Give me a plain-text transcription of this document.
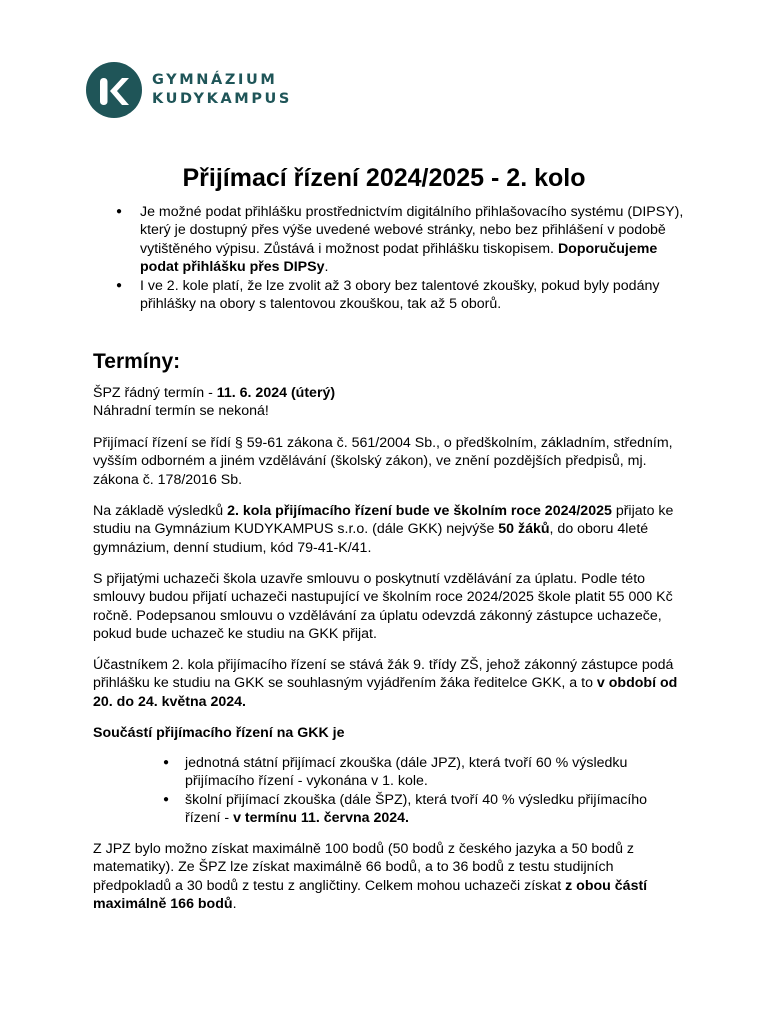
GYMNÁZIUM
KUDYKAMPUS
Přijímací řízení 2024/2025 - 2. kolo
● Je možné podat přihlášku prostřednictvím digitálního přihlašovacího systému (DIPSY), který je dostupný přes výše uvedené webové stránky, nebo bez přihlášení v podobě vytištěného výpisu. Zůstává i možnost podat přihlášku tiskopisem. Doporučujeme podat přihlášku přes DIPSy.
● I ve 2. kole platí, že lze zvolit až 3 obory bez talentové zkoušky, pokud byly podány přihlášky na obory s talentovou zkouškou, tak až 5 oborů.
Termíny:

ŠPZ řádný termín - 11. 6. 2024 (úterý)
Náhradní termín se nekoná!

Přijímací řízení se řídí § 59-61 zákona č. 561/2004 Sb., o předškolním, základním, středním, vyšším odborném a jiném vzdělávání (školský zákon), ve znění pozdějších předpisů, mj. zákona č. 178/2016 Sb.

Na základě výsledků 2. kola přijímacího řízení bude ve školním roce 2024/2025 přijato ke studiu na Gymnázium KUDYKAMPUS s.r.o. (dále GKK) nejvýše 50 žáků, do oboru 4leté gymnázium, denní studium, kód 79-41-K/41.

S přijatými uchazeči škola uzavře smlouvu o poskytnutí vzdělávání za úplatu. Podle této smlouvy budou přijatí uchazeči nastupující ve školním roce 2024/2025 škole platit 55 000 Kč ročně. Podepsanou smlouvu o vzdělávání za úplatu odevzdá zákonný zástupce uchazeče, pokud bude uchazeč ke studiu na GKK přijat.

Účastníkem 2. kola přijímacího řízení se stává žák 9. třídy ZŠ, jehož zákonný zástupce podá přihlášku ke studiu na GKK se souhlasným vyjádřením žáka ředitelce GKK, a to v období od 20. do 24. května 2024.

Součástí přijímacího řízení na GKK je

● jednotná státní přijímací zkouška (dále JPZ), která tvoří 60 % výsledku přijímacího řízení - vykonána v 1. kole.
● školní přijímací zkouška (dále ŠPZ), která tvoří 40 % výsledku přijímacího řízení - v termínu 11. června 2024.

Z JPZ bylo možno získat maximálně 100 bodů (50 bodů z českého jazyka a 50 bodů z matematiky). Ze ŠPZ lze získat maximálně 66 bodů, a to 36 bodů z testu studijních předpokladů a 30 bodů z testu z angličtiny. Celkem mohou uchazeči získat z obou částí maximálně 166 bodů.
